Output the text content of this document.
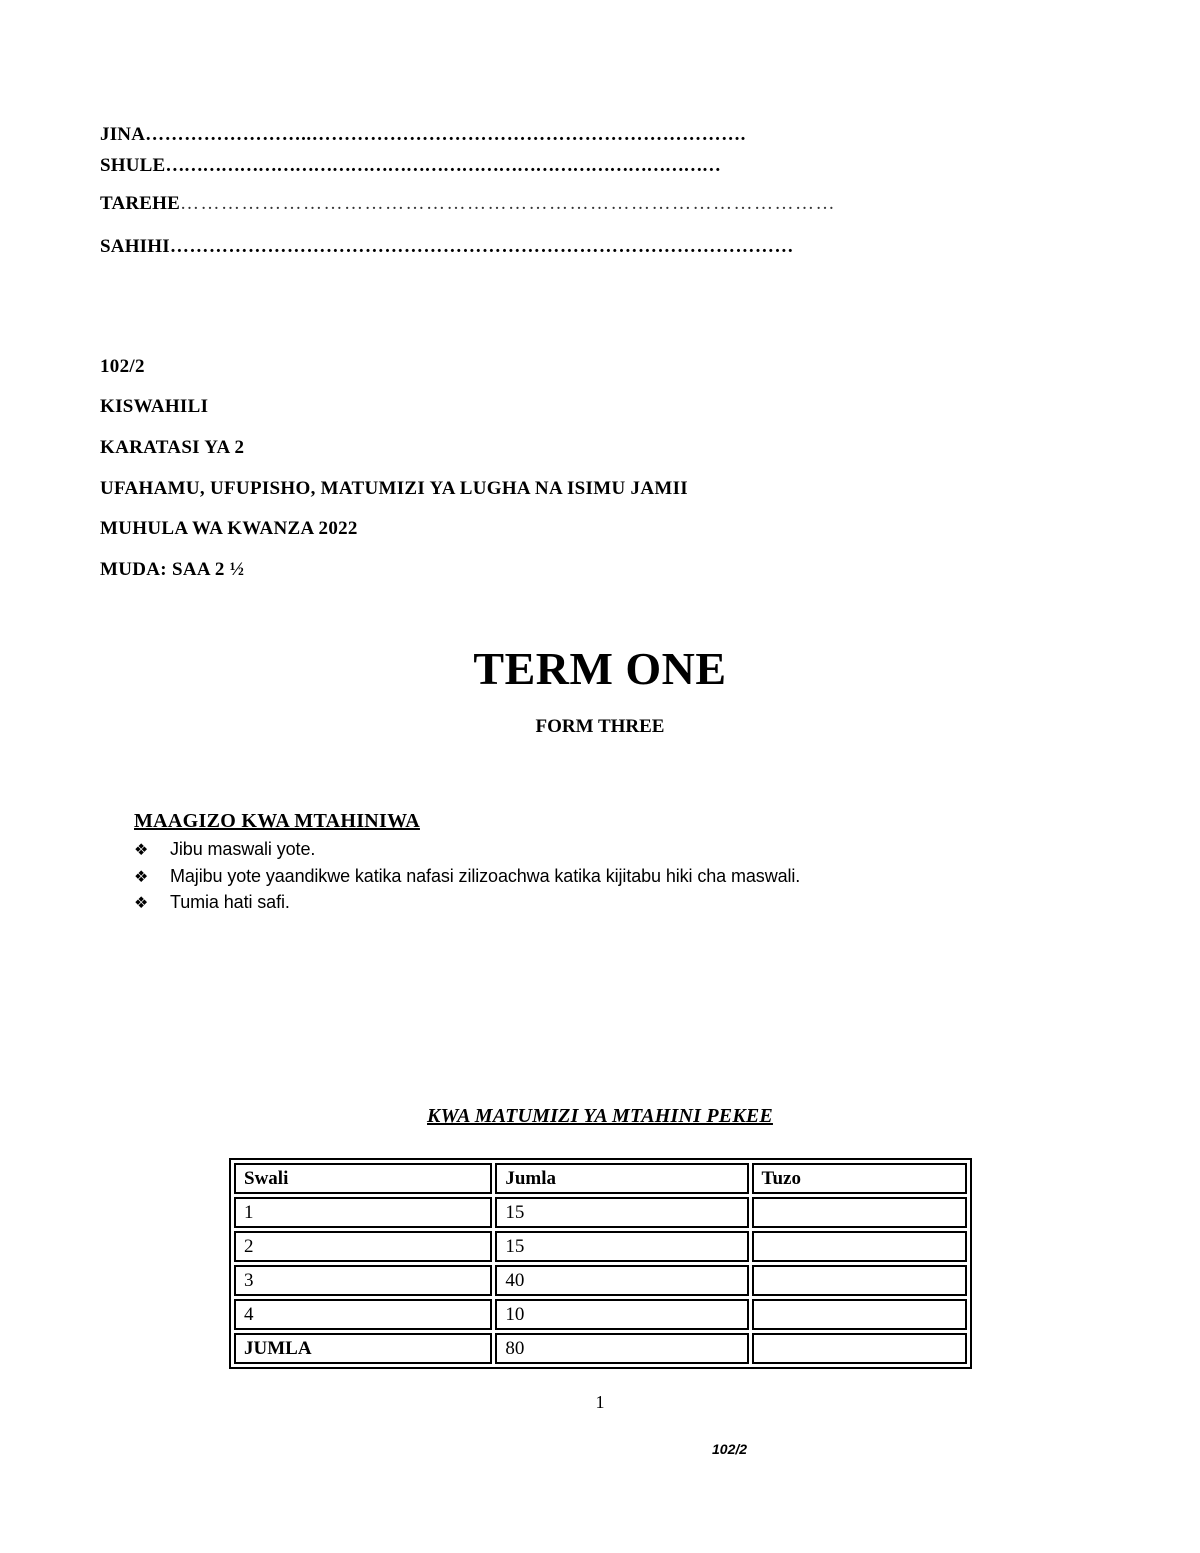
JINA……………………..………………………………………………………….
SHULE………………………………………………………………………………
TAREHE……………………………………………………………………………………
SAHIHI……………………………………………………………………………………
102/2
KISWAHILI
KARATASI YA 2
UFAHAMU, UFUPISHO, MATUMIZI YA LUGHA NA ISIMU JAMII
MUHULA WA KWANZA 2022
MUDA: SAA 2 ½
TERM ONE
FORM THREE
MAAGIZO KWA MTAHINIWA
❖ Jibu maswali yote.
❖ Majibu yote yaandikwe katika nafasi zilizoachwa katika kijitabu hiki cha maswali.
❖ Tumia hati safi.
KWA MATUMIZI YA MTAHINI PEKEE
Swali	Jumla	Tuzo
1	15	
2	15	
3	40	
4	10	
JUMLA	80	
1
102/2
